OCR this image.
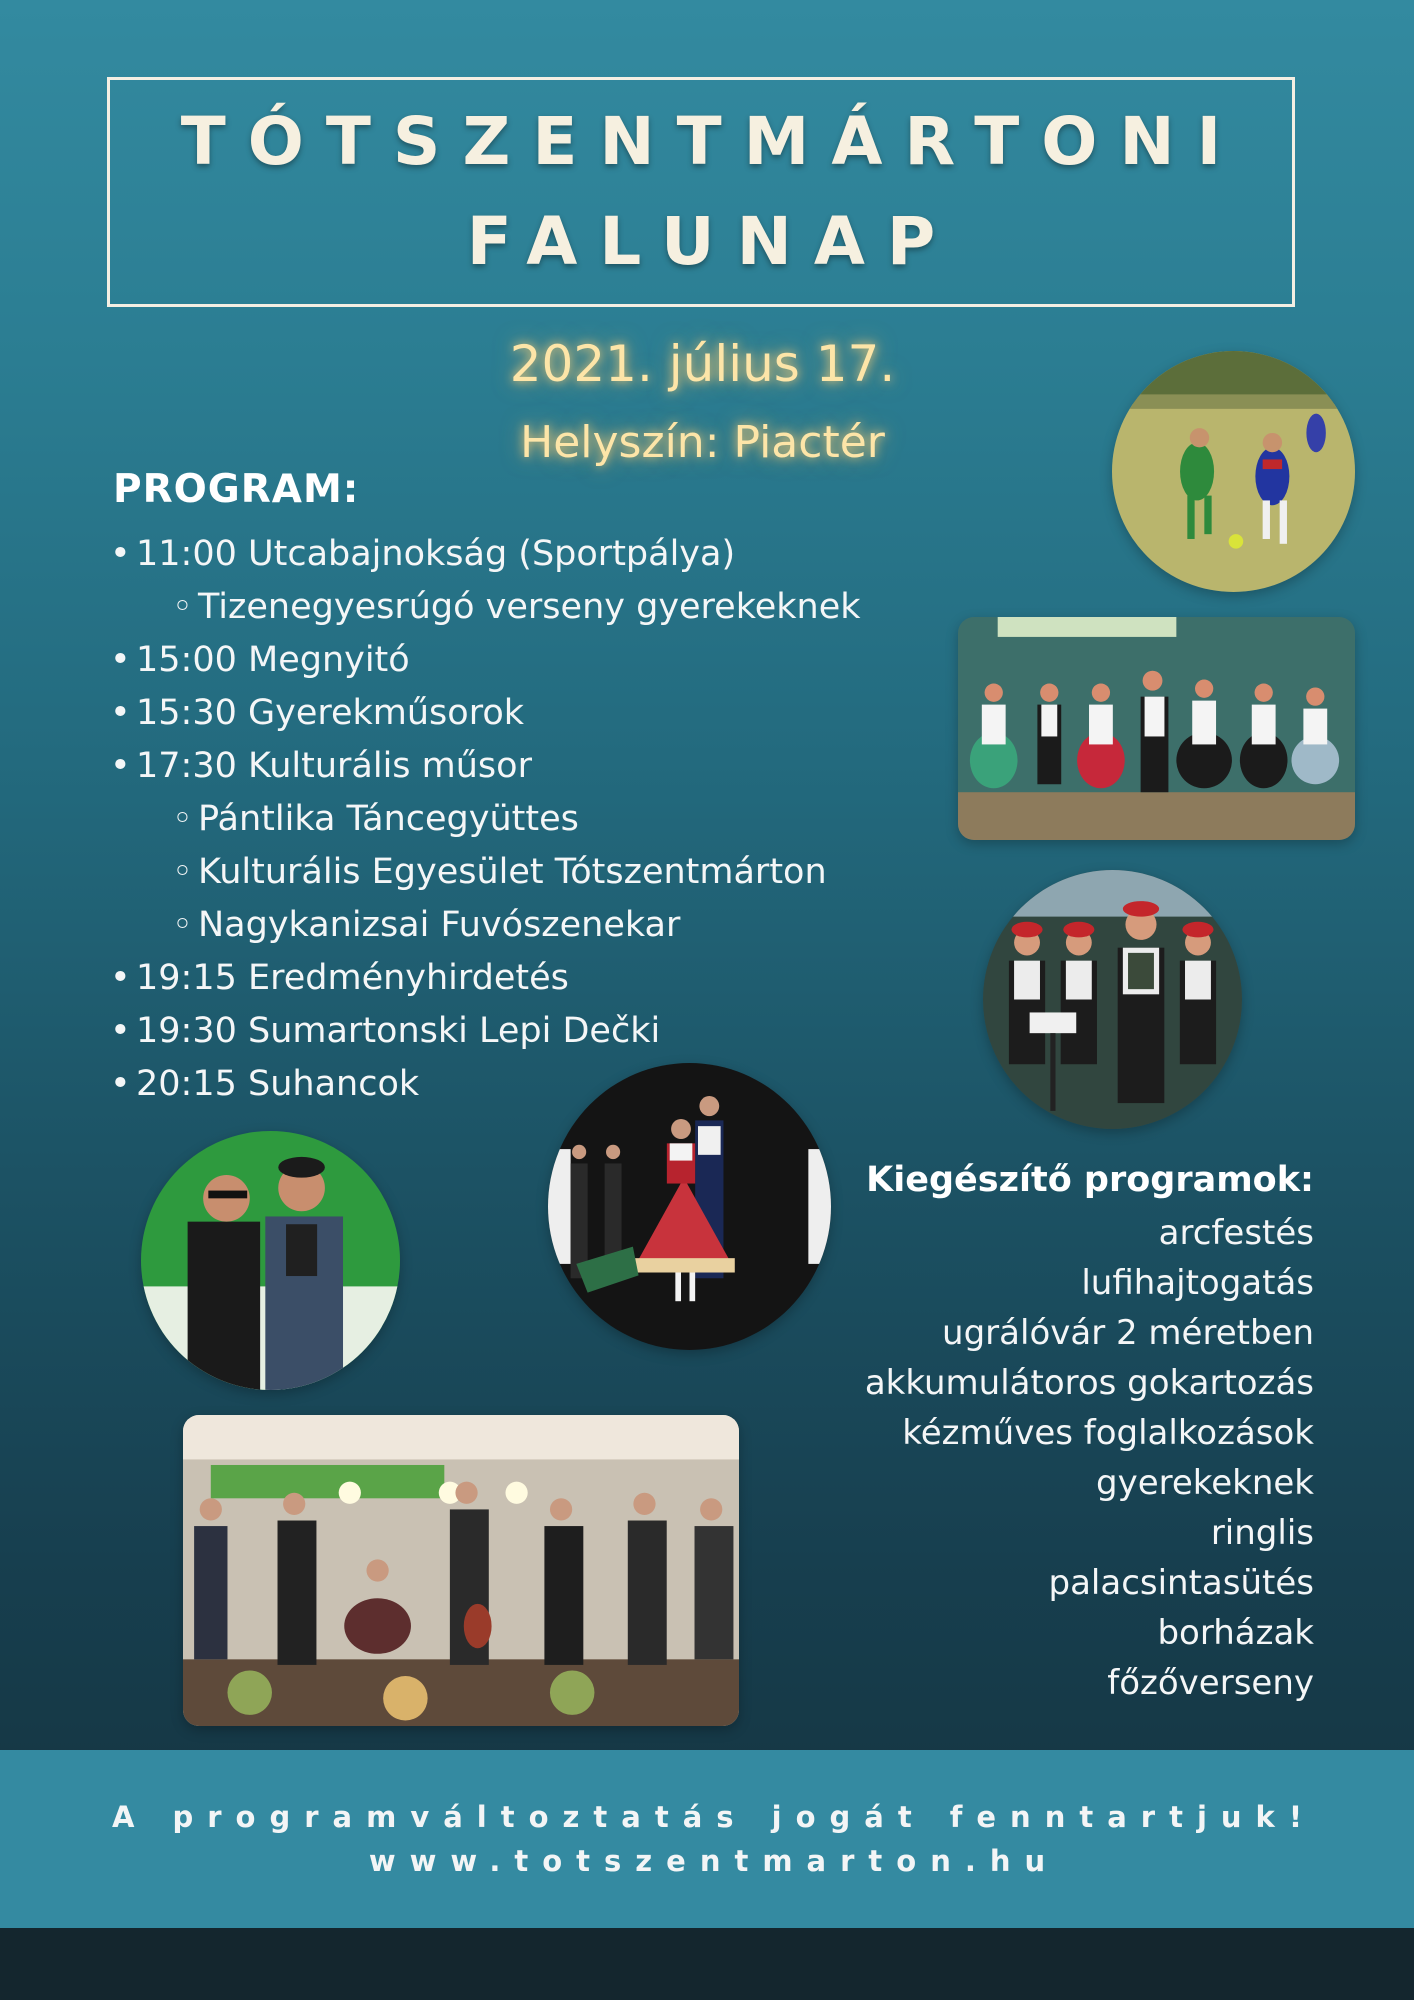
TÓTSZENTMÁRTONI
FALUNAP
2021. július 17.
Helyszín: Piactér
PROGRAM:
• 11:00 Utcabajnokság (Sportpálya)
◦ Tizenegyesrúgó verseny gyerekeknek
• 15:00 Megnyitó
• 15:30 Gyerekműsorok
• 17:30 Kulturális műsor
◦ Pántlika Táncegyüttes
◦ Kulturális Egyesület Tótszentmárton
◦ Nagykanizsai Fuvószenekar
• 19:15 Eredményhirdetés
• 19:30 Sumartonski Lepi Dečki
• 20:15 Suhancok
Kiegészítő programok:
arcfestés
lufihajtogatás
ugrálóvár 2 méretben
akkumulátoros gokartozás
kézműves foglalkozások
gyerekeknek
ringlis
palacsintasütés
borházak
főzőverseny
A programváltoztatás jogát fenntartjuk!
www.totszentmarton.hu
